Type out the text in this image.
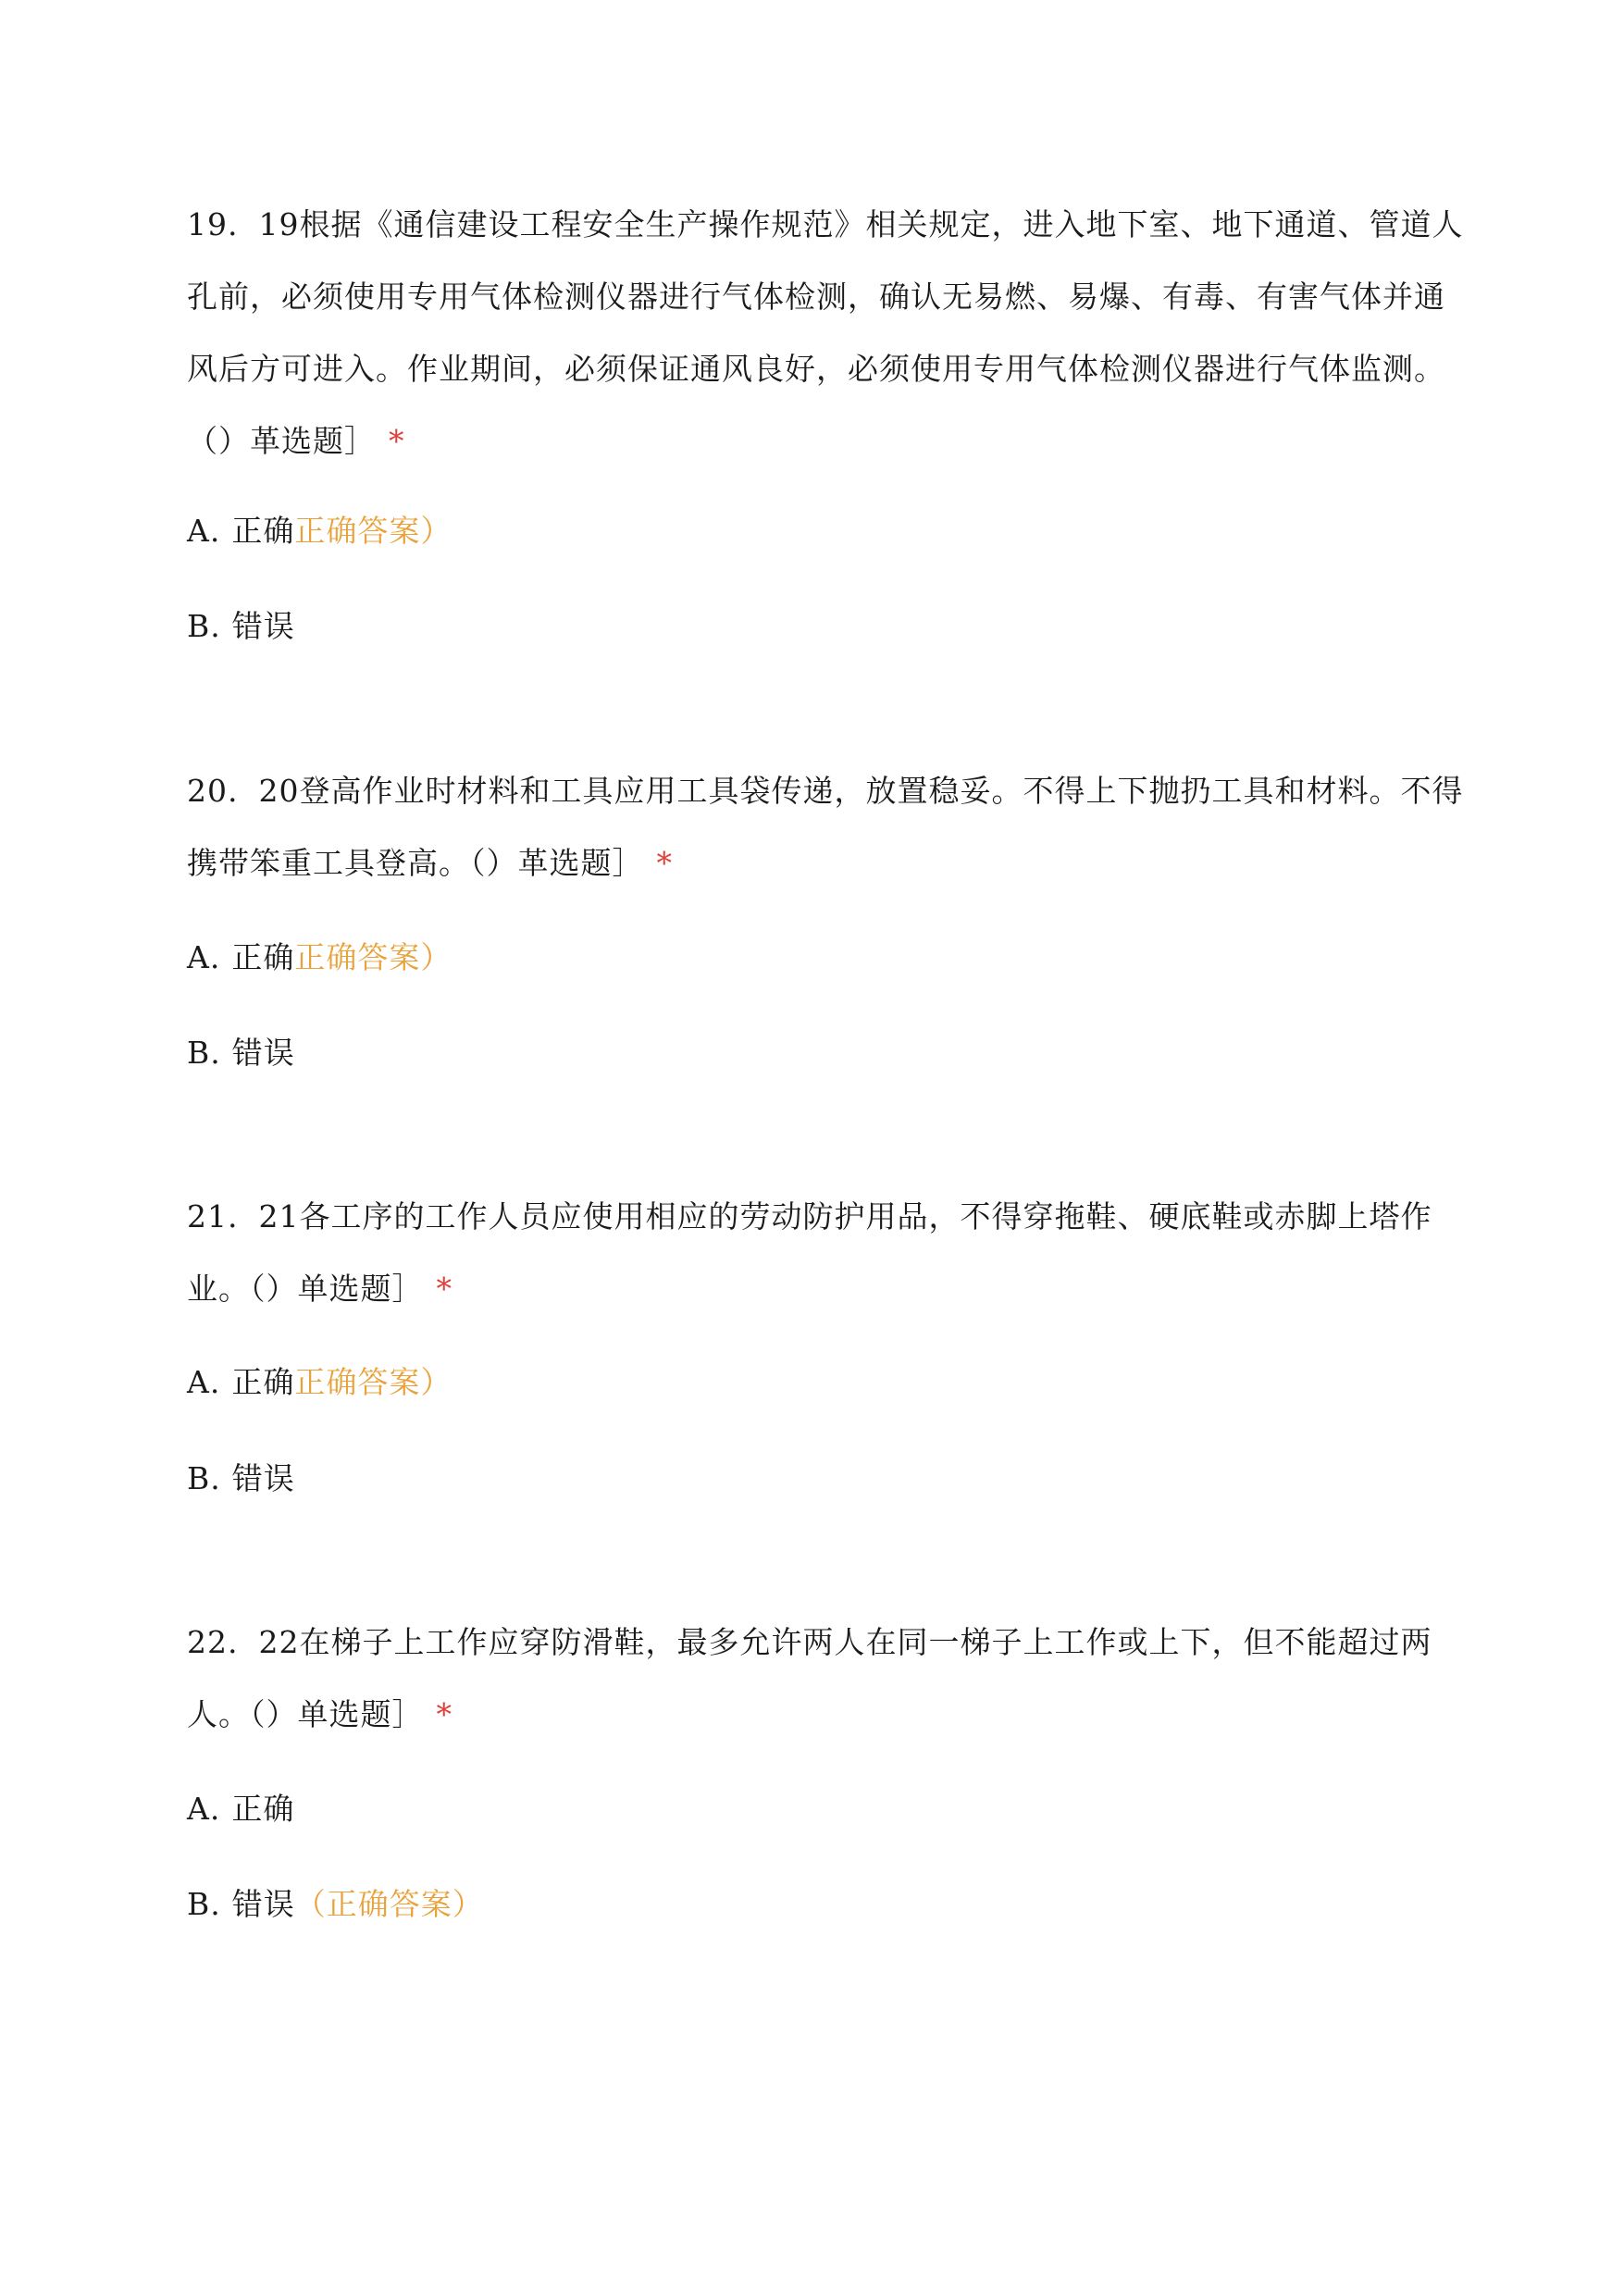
19. 19根据《通信建设工程安全生产操作规范》相关规定，进入地下室、地下通道、管道人孔前，必须使用专用气体检测仪器进行气体检测，确认无易燃、易爆、有毒、有害气体并通风后方可进入。作业期间，必须保证通风良好，必须使用专用气体检测仪器进行气体监测。（）革选题］ *

A. 正确正确答案）

B. 错误

20. 20登高作业时材料和工具应用工具袋传递，放置稳妥。不得上下抛扔工具和材料。不得携带笨重工具登高。（）革选题］ *

A. 正确正确答案）

B. 错误

21. 21各工序的工作人员应使用相应的劳动防护用品，不得穿拖鞋、硬底鞋或赤脚上塔作业。（）单选题］ *

A. 正确正确答案）

B. 错误

22. 22在梯子上工作应穿防滑鞋，最多允许两人在同一梯子上工作或上下，但不能超过两人。（）单选题］ *

A. 正确

B. 错误（正确答案）
